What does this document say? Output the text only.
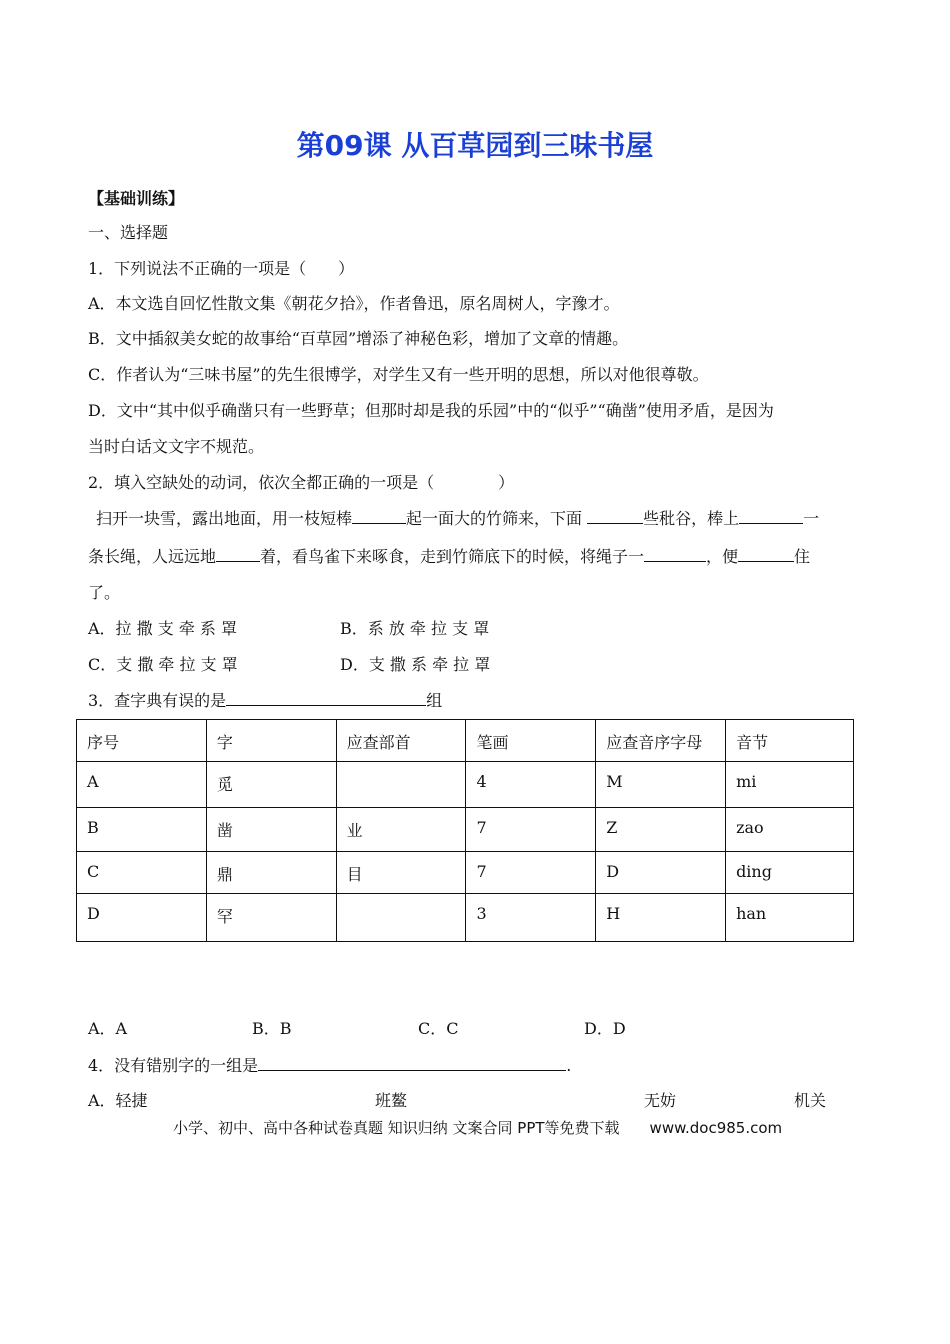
第09课 从百草园到三味书屋
【基础训练】
一、选择题
1．下列说法不正确的一项是（　　）
A．本文选自回忆性散文集《朝花夕拾》，作者鲁迅，原名周树人，字豫才。
B．文中插叙美女蛇的故事给“百草园”增添了神秘色彩，增加了文章的情趣。
C．作者认为“三味书屋”的先生很博学，对学生又有一些开明的思想，所以对他很尊敬。
D．文中“其中似乎确凿只有一些野草；但那时却是我的乐园”中的“似乎”“确凿”使用矛盾，是因为
当时白话文文字不规范。
2．填入空缺处的动词，依次全都正确的一项是（　　　　）
扫开一块雪，露出地面，用一枝短棒	起一面大的竹筛来，下面	些秕谷，棒上	一
条长绳，人远远地	着，看鸟雀下来啄食，走到竹筛底下的时候，将绳子一	，便	住
了。
A．拉 撒 支 牵 系 罩	B．系 放 牵 拉 支 罩
C．支 撒 牵 拉 支 罩	D．支 撒 系 牵 拉 罩
3．查字典有误的是	组
序号	字	应查部首	笔画	应查音序字母	音节
A	觅		4	M	mi
B	凿	业	7	Z	zao
C	鼎	目	7	D	ding
D	罕		3	H	han
A．A	B．B	C．C	D．D
4．没有错别字的一组是	.
A．轻捷	班鳌	无妨	机关
小学、初中、高中各种试卷真题 知识归纳 文案合同 PPT等免费下载　　www.doc985.com
